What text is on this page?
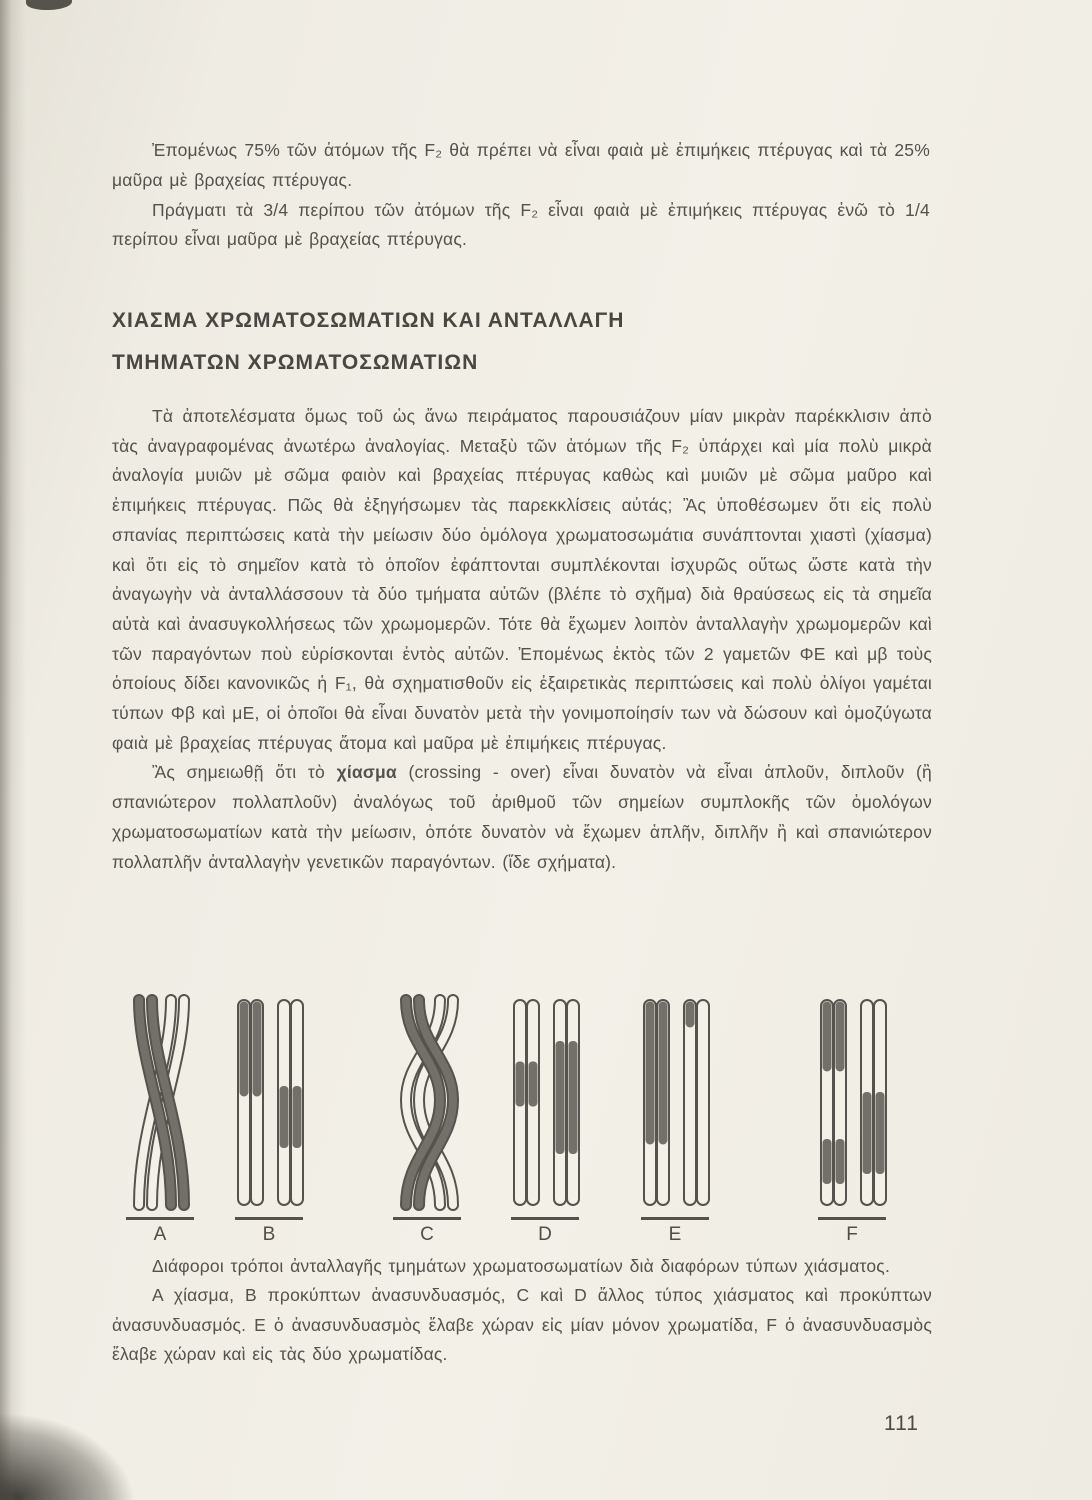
Ἐπομένως 75% τῶν ἀτόμων τῆς F₂ θὰ πρέπει νὰ εἶναι φαιὰ μὲ ἐπιμήκεις πτέρυγας καὶ τὰ 25% μαῦρα μὲ βραχείας πτέρυγας.

Πράγματι τὰ 3/4 περίπου τῶν ἀτόμων τῆς F₂ εἶναι φαιὰ μὲ ἐπιμήκεις πτέρυγας ἐνῶ τὸ 1/4 περίπου εἶναι μαῦρα μὲ βραχείας πτέρυγας.

ΧΙΑΣΜΑ ΧΡΩΜΑΤΟΣΩΜΑΤΙΩΝ ΚΑΙ ΑΝΤΑΛΛΑΓΗ
ΤΜΗΜΑΤΩΝ ΧΡΩΜΑΤΟΣΩΜΑΤΙΩΝ

Τὰ ἀποτελέσματα ὅμως τοῦ ὡς ἄνω πειράματος παρουσιάζουν μίαν μικρὰν παρέκκλισιν ἀπὸ τὰς ἀναγραφομένας ἀνωτέρω ἀναλογίας. Μεταξὺ τῶν ἀτόμων τῆς F₂ ὑπάρχει καὶ μία πολὺ μικρὰ ἀναλογία μυιῶν μὲ σῶμα φαιὸν καὶ βραχείας πτέρυγας καθὼς καὶ μυιῶν μὲ σῶμα μαῦρο καὶ ἐπιμήκεις πτέρυγας. Πῶς θὰ ἐξηγήσωμεν τὰς παρεκκλίσεις αὐτάς; Ἂς ὑποθέσωμεν ὅτι εἰς πολὺ σπανίας περιπτώσεις κατὰ τὴν μείωσιν δύο ὁμόλογα χρωματοσωμάτια συνάπτονται χιαστὶ (χίασμα) καὶ ὅτι εἰς τὸ σημεῖον κατὰ τὸ ὁποῖον ἐφάπτονται συμπλέκονται ἰσχυρῶς οὕτως ὥστε κατὰ τὴν ἀναγωγὴν νὰ ἀνταλλάσσουν τὰ δύο τμήματα αὐτῶν (βλέπε τὸ σχῆμα) διὰ θραύσεως εἰς τὰ σημεῖα αὐτὰ καὶ ἀνασυγκολλήσεως τῶν χρωμομερῶν. Τότε θὰ ἔχωμεν λοιπὸν ἀνταλλαγὴν χρωμομερῶν καὶ τῶν παραγόντων ποὺ εὑρίσκονται ἐντὸς αὐτῶν. Ἐπομένως ἐκτὸς τῶν 2 γαμετῶν ΦΕ καὶ μβ τοὺς ὁποίους δίδει κανονικῶς ἡ F₁, θὰ σχηματισθοῦν εἰς ἐξαιρετικὰς περιπτώσεις καὶ πολὺ ὀλίγοι γαμέται τύπων Φβ καὶ μΕ, οἱ ὁποῖοι θὰ εἶναι δυνατὸν μετὰ τὴν γονιμοποίησίν των νὰ δώσουν καὶ ὁμοζύγωτα φαιὰ μὲ βραχείας πτέρυγας ἄτομα καὶ μαῦρα μὲ ἐπιμήκεις πτέρυγας.

Ἂς σημειωθῇ ὅτι τὸ χίασμα (crossing - over) εἶναι δυνατὸν νὰ εἶναι ἁπλοῦν, διπλοῦν (ἢ σπανιώτερον πολλαπλοῦν) ἀναλόγως τοῦ ἀριθμοῦ τῶν σημείων συμπλοκῆς τῶν ὁμολόγων χρωματοσωματίων κατὰ τὴν μείωσιν, ὁπότε δυνατὸν νὰ ἔχωμεν ἁπλῆν, διπλῆν ἢ καὶ σπανιώτερον πολλαπλῆν ἀνταλλαγὴν γενετικῶν παραγόντων. (ἴδε σχήματα).

A	B	C	D	E	F

Διάφοροι τρόποι ἀνταλλαγῆς τμημάτων χρωματοσωματίων διὰ διαφόρων τύπων χιάσματος.

Α χίασμα, Β προκύπτων ἀνασυνδυασμός, C καὶ D ἄλλος τύπος χιάσματος καὶ προκύπτων ἀνασυνδυασμός. Ε ὁ ἀνασυνδυασμὸς ἔλαβε χώραν εἰς μίαν μόνον χρωματίδα, F ὁ ἀνασυνδυασμὸς ἔλαβε χώραν καὶ εἰς τὰς δύο χρωματίδας.

111
